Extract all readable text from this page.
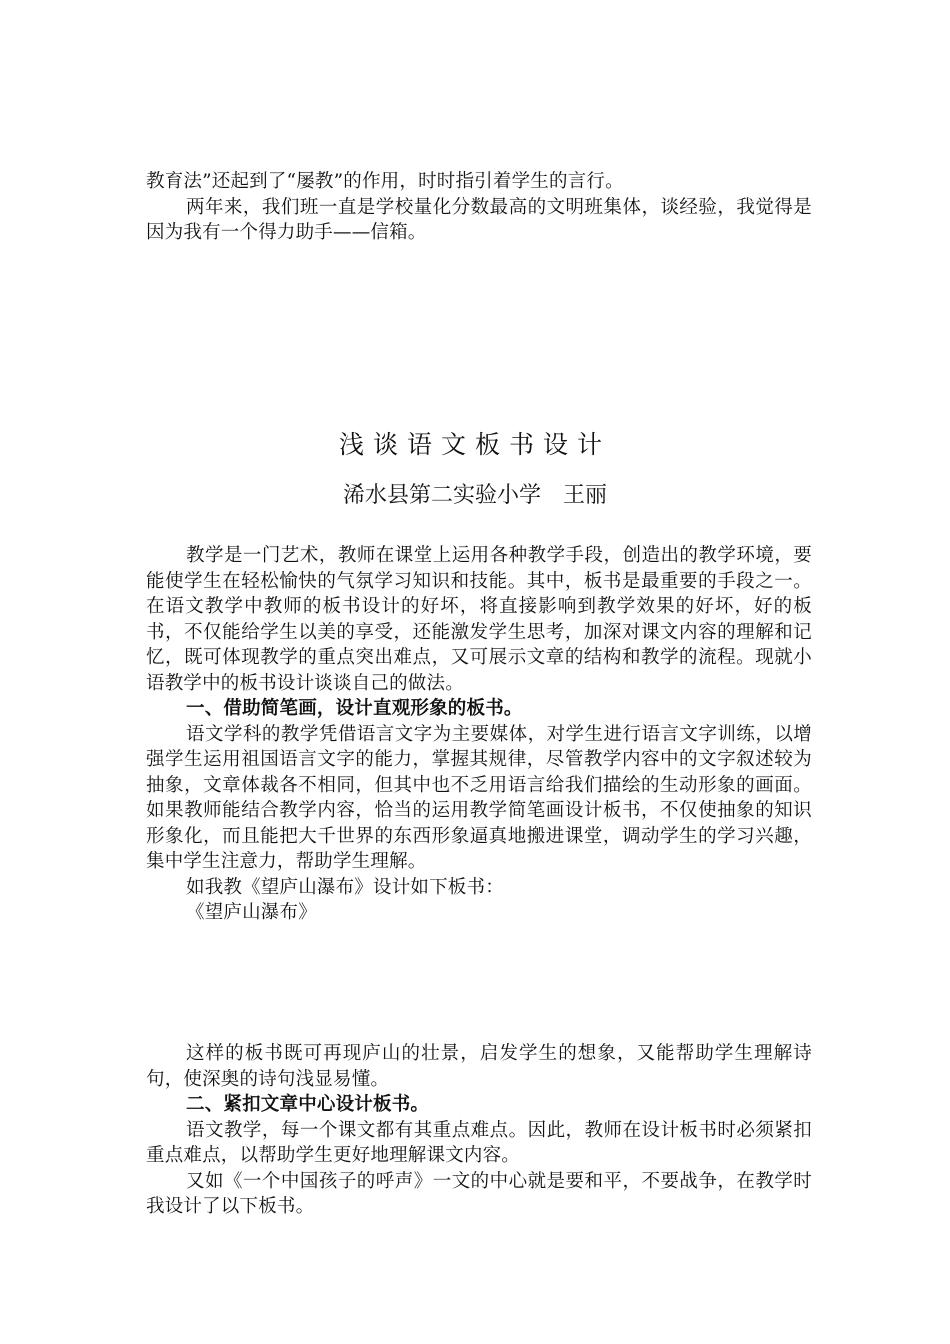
教育法”还起到了“屡教”的作用，时时指引着学生的言行。

两年来，我们班一直是学校量化分数最高的文明班集体，谈经验，我觉得是因为我有一个得力助手——信箱。

浅谈语文板书设计
浠水县第二实验小学　王丽

教学是一门艺术，教师在课堂上运用各种教学手段，创造出的教学环境，要能使学生在轻松愉快的气氛学习知识和技能。其中，板书是最重要的手段之一。在语文教学中教师的板书设计的好坏，将直接影响到教学效果的好坏，好的板书，不仅能给学生以美的享受，还能激发学生思考，加深对课文内容的理解和记忆，既可体现教学的重点突出难点，又可展示文章的结构和教学的流程。现就小语教学中的板书设计谈谈自己的做法。

一、借助简笔画，设计直观形象的板书。

语文学科的教学凭借语言文字为主要媒体，对学生进行语言文字训练，以增强学生运用祖国语言文字的能力，掌握其规律，尽管教学内容中的文字叙述较为抽象，文章体裁各不相同，但其中也不乏用语言给我们描绘的生动形象的画面。如果教师能结合教学内容，恰当的运用教学简笔画设计板书，不仅使抽象的知识形象化，而且能把大千世界的东西形象逼真地搬进课堂，调动学生的学习兴趣，集中学生注意力，帮助学生理解。

如我教《望庐山瀑布》设计如下板书：

《望庐山瀑布》

这样的板书既可再现庐山的壮景，启发学生的想象，又能帮助学生理解诗句，使深奥的诗句浅显易懂。

二、紧扣文章中心设计板书。

语文教学，每一个课文都有其重点难点。因此，教师在设计板书时必须紧扣重点难点，以帮助学生更好地理解课文内容。

又如《一个中国孩子的呼声》一文的中心就是要和平，不要战争，在教学时我设计了以下板书。
